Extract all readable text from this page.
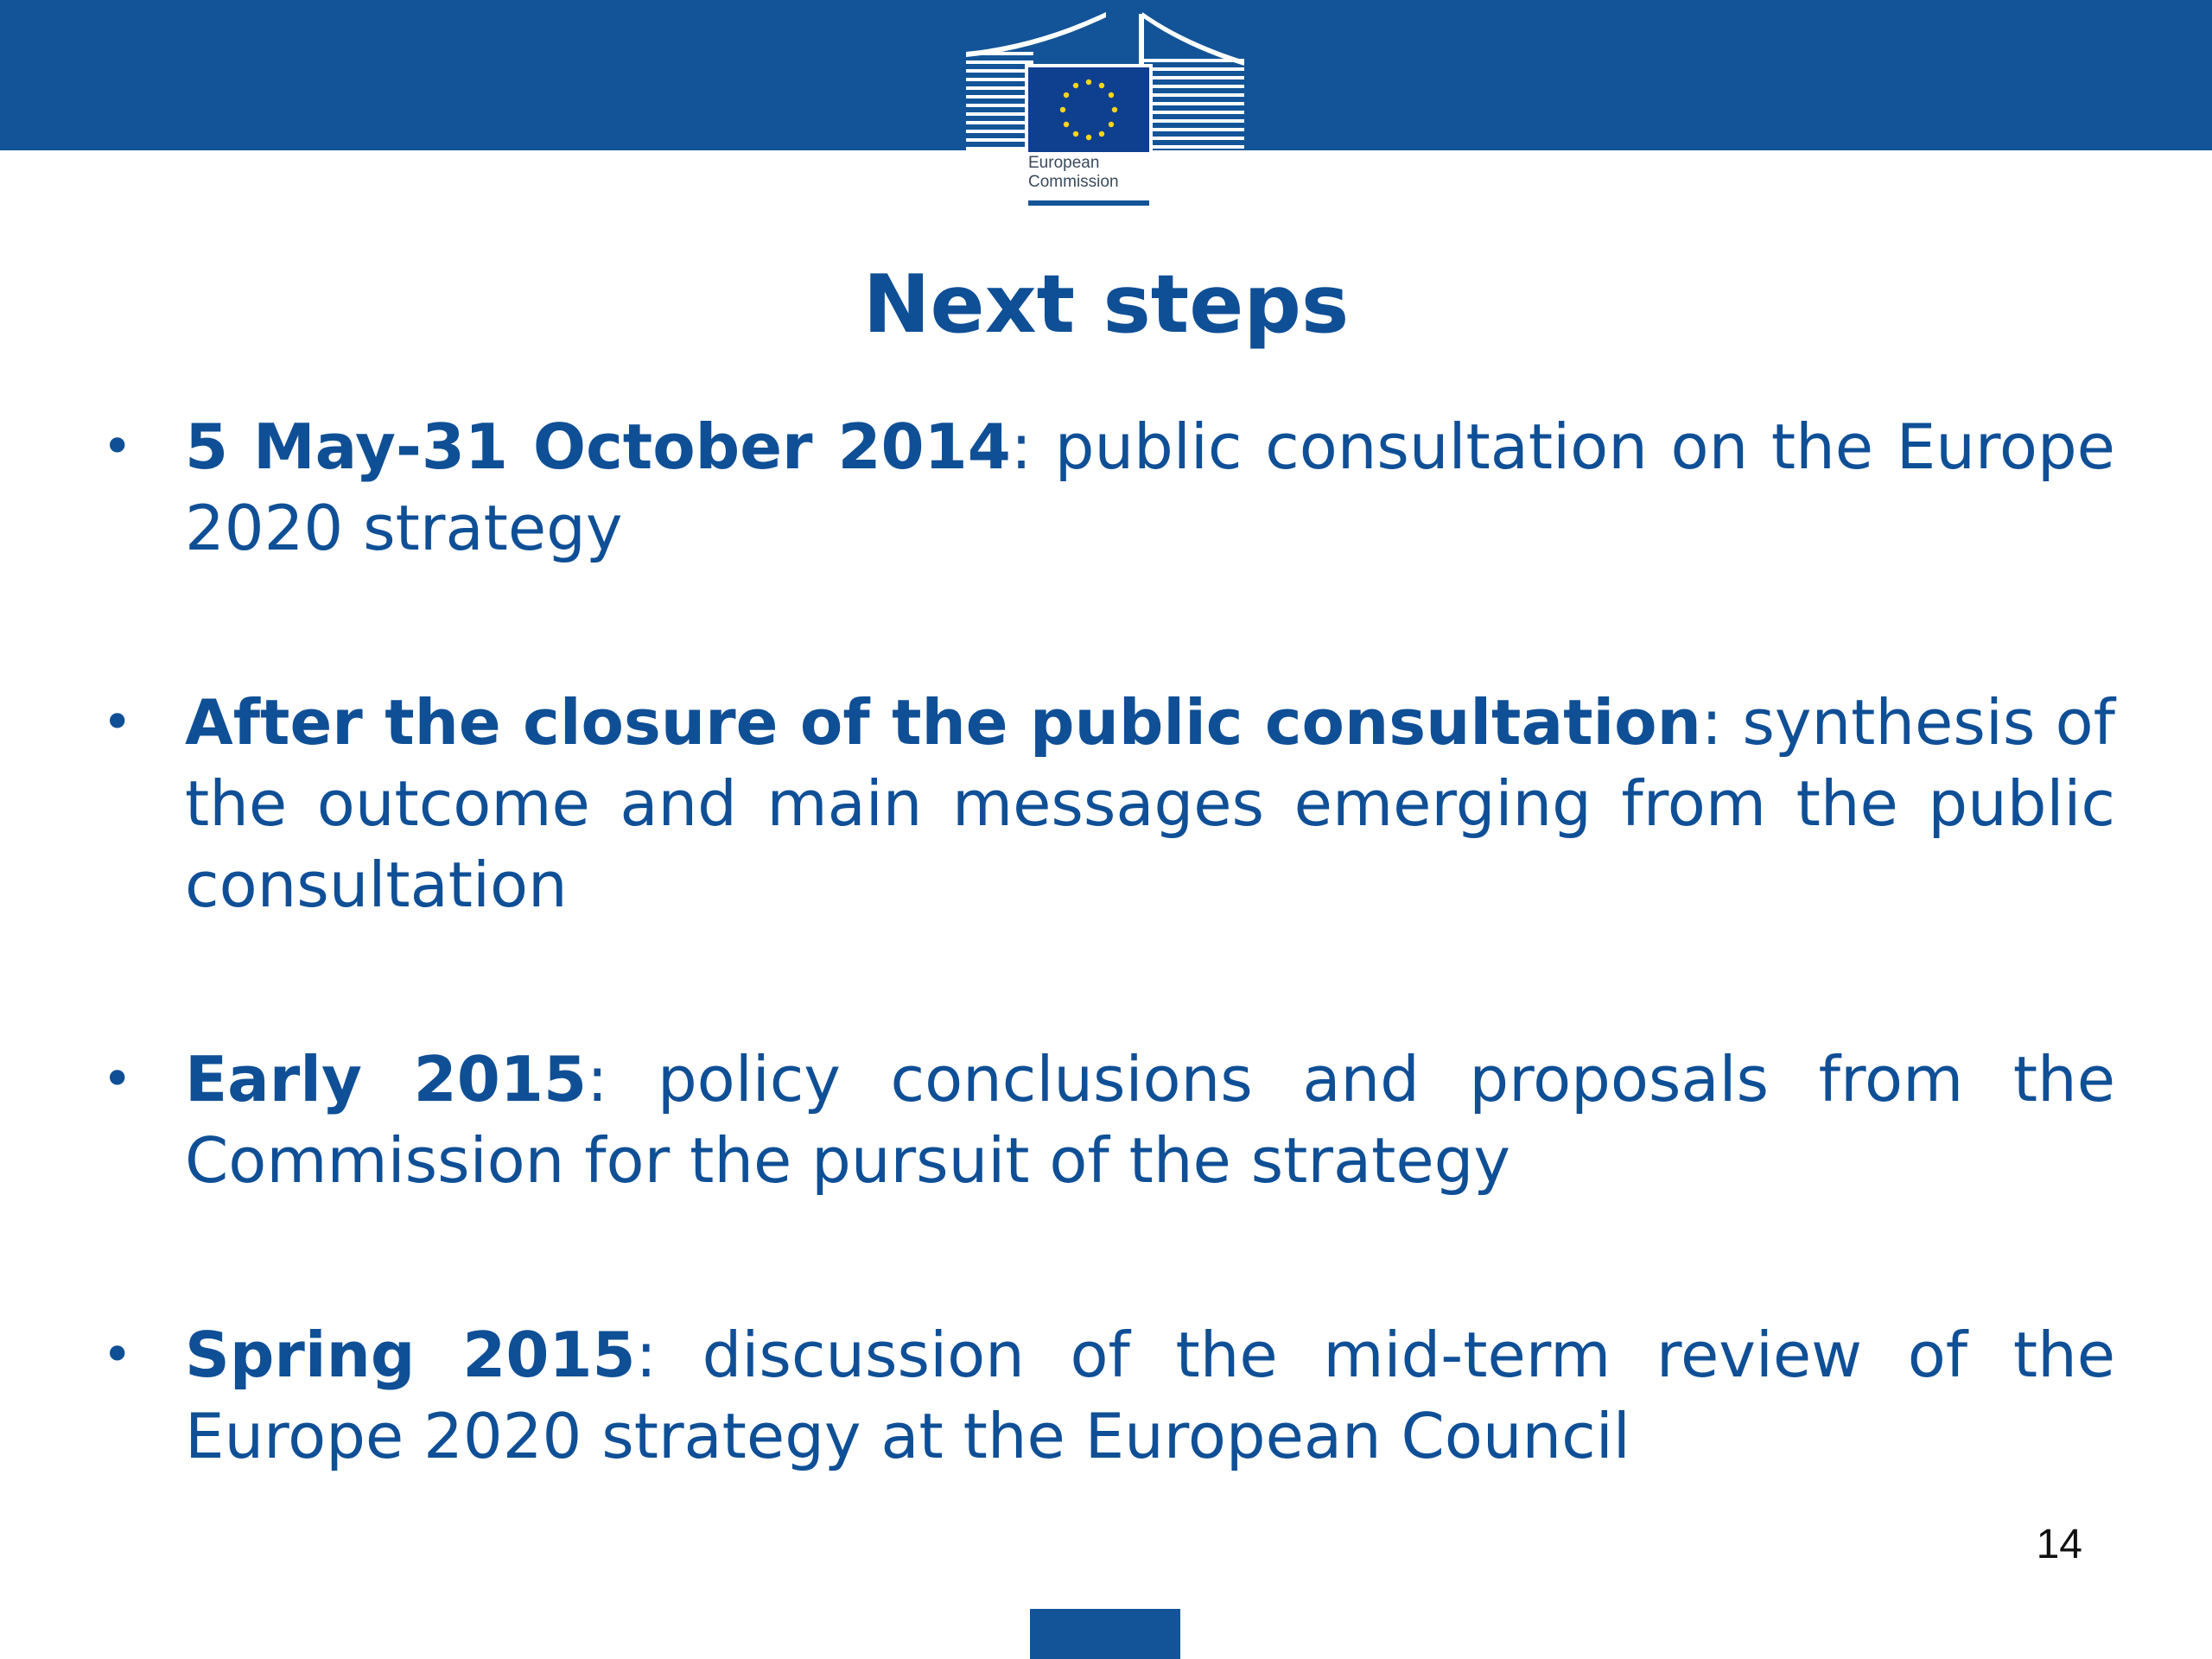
European
Commission
Next steps
• 5 May-31 October 2014: public consultation on the Europe 2020 strategy
• After the closure of the public consultation: synthesis of the outcome and main messages emerging from the public consultation
• Early 2015: policy conclusions and proposals from the Commission for the pursuit of the strategy
• Spring 2015: discussion of the mid-term review of the Europe 2020 strategy at the European Council
14
